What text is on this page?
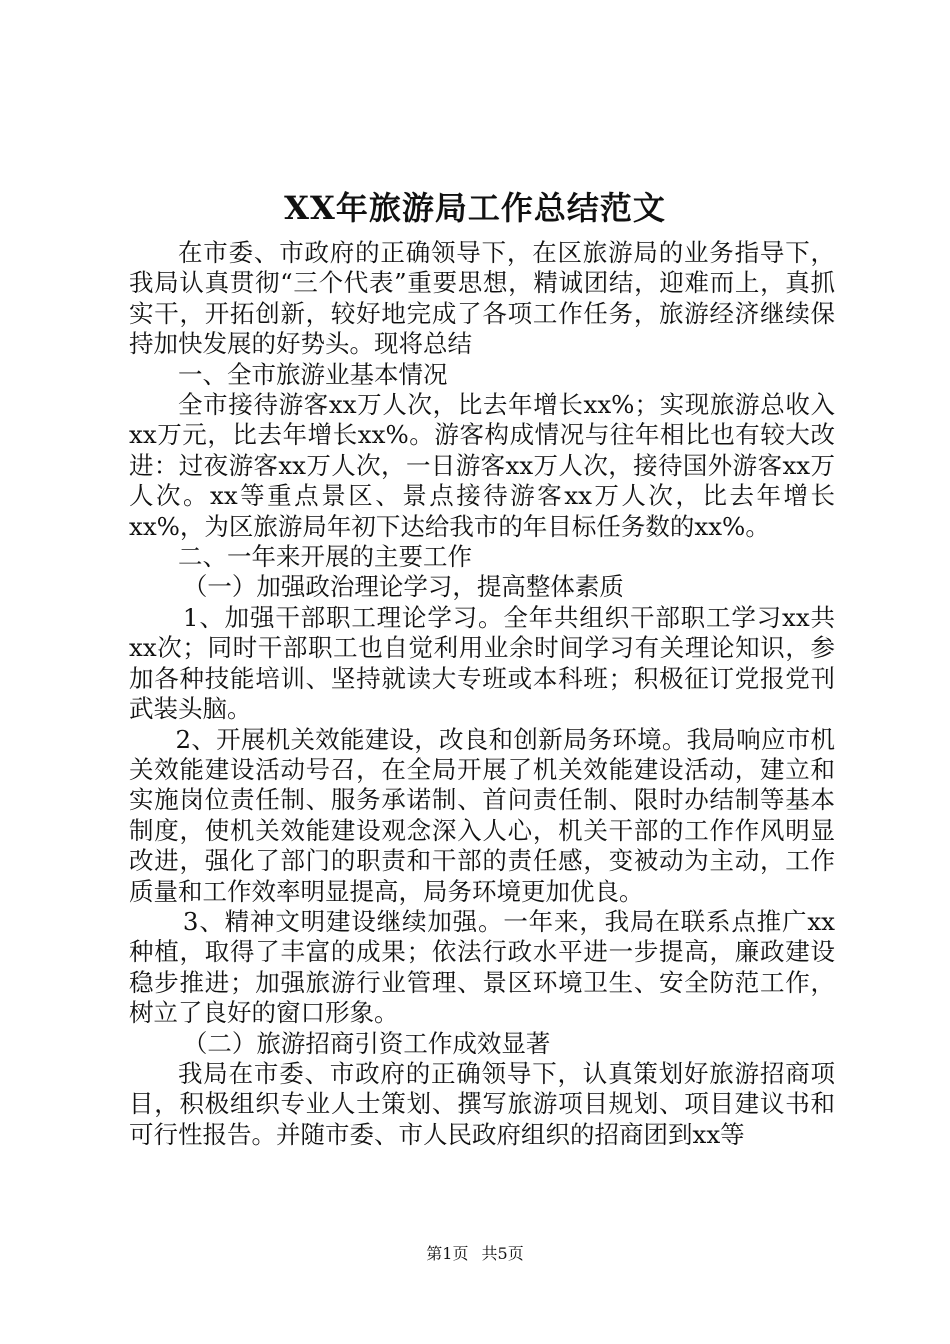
XX年旅游局工作总结范文

在市委、市政府的正确领导下，在区旅游局的业务指导下，我局认真贯彻“三个代表”重要思想，精诚团结，迎难而上，真抓实干，开拓创新，较好地完成了各项工作任务，旅游经济继续保持加快发展的好势头。现将总结

一、全市旅游业基本情况

全市接待游客xx万人次，比去年增长xx%；实现旅游总收入xx万元，比去年增长xx%。游客构成情况与往年相比也有较大改进：过夜游客xx万人次，一日游客xx万人次，接待国外游客xx万人次。xx等重点景区、景点接待游客xx万人次，比去年增长xx%，为区旅游局年初下达给我市的年目标任务数的xx%。

二、一年来开展的主要工作

（一）加强政治理论学习，提高整体素质

1、加强干部职工理论学习。全年共组织干部职工学习xx共xx次；同时干部职工也自觉利用业余时间学习有关理论知识，参加各种技能培训、坚持就读大专班或本科班；积极征订党报党刊武装头脑。

2、开展机关效能建设，改良和创新局务环境。我局响应市机关效能建设活动号召，在全局开展了机关效能建设活动，建立和实施岗位责任制、服务承诺制、首问责任制、限时办结制等基本制度，使机关效能建设观念深入人心，机关干部的工作作风明显改进，强化了部门的职责和干部的责任感，变被动为主动，工作质量和工作效率明显提高，局务环境更加优良。

3、精神文明建设继续加强。一年来，我局在联系点推广xx种植，取得了丰富的成果；依法行政水平进一步提高，廉政建设稳步推进；加强旅游行业管理、景区环境卫生、安全防范工作，树立了良好的窗口形象。

（二）旅游招商引资工作成效显著

我局在市委、市政府的正确领导下，认真策划好旅游招商项目，积极组织专业人士策划、撰写旅游项目规划、项目建议书和可行性报告。并随市委、市人民政府组织的招商团到xx等

第1页 共5页
